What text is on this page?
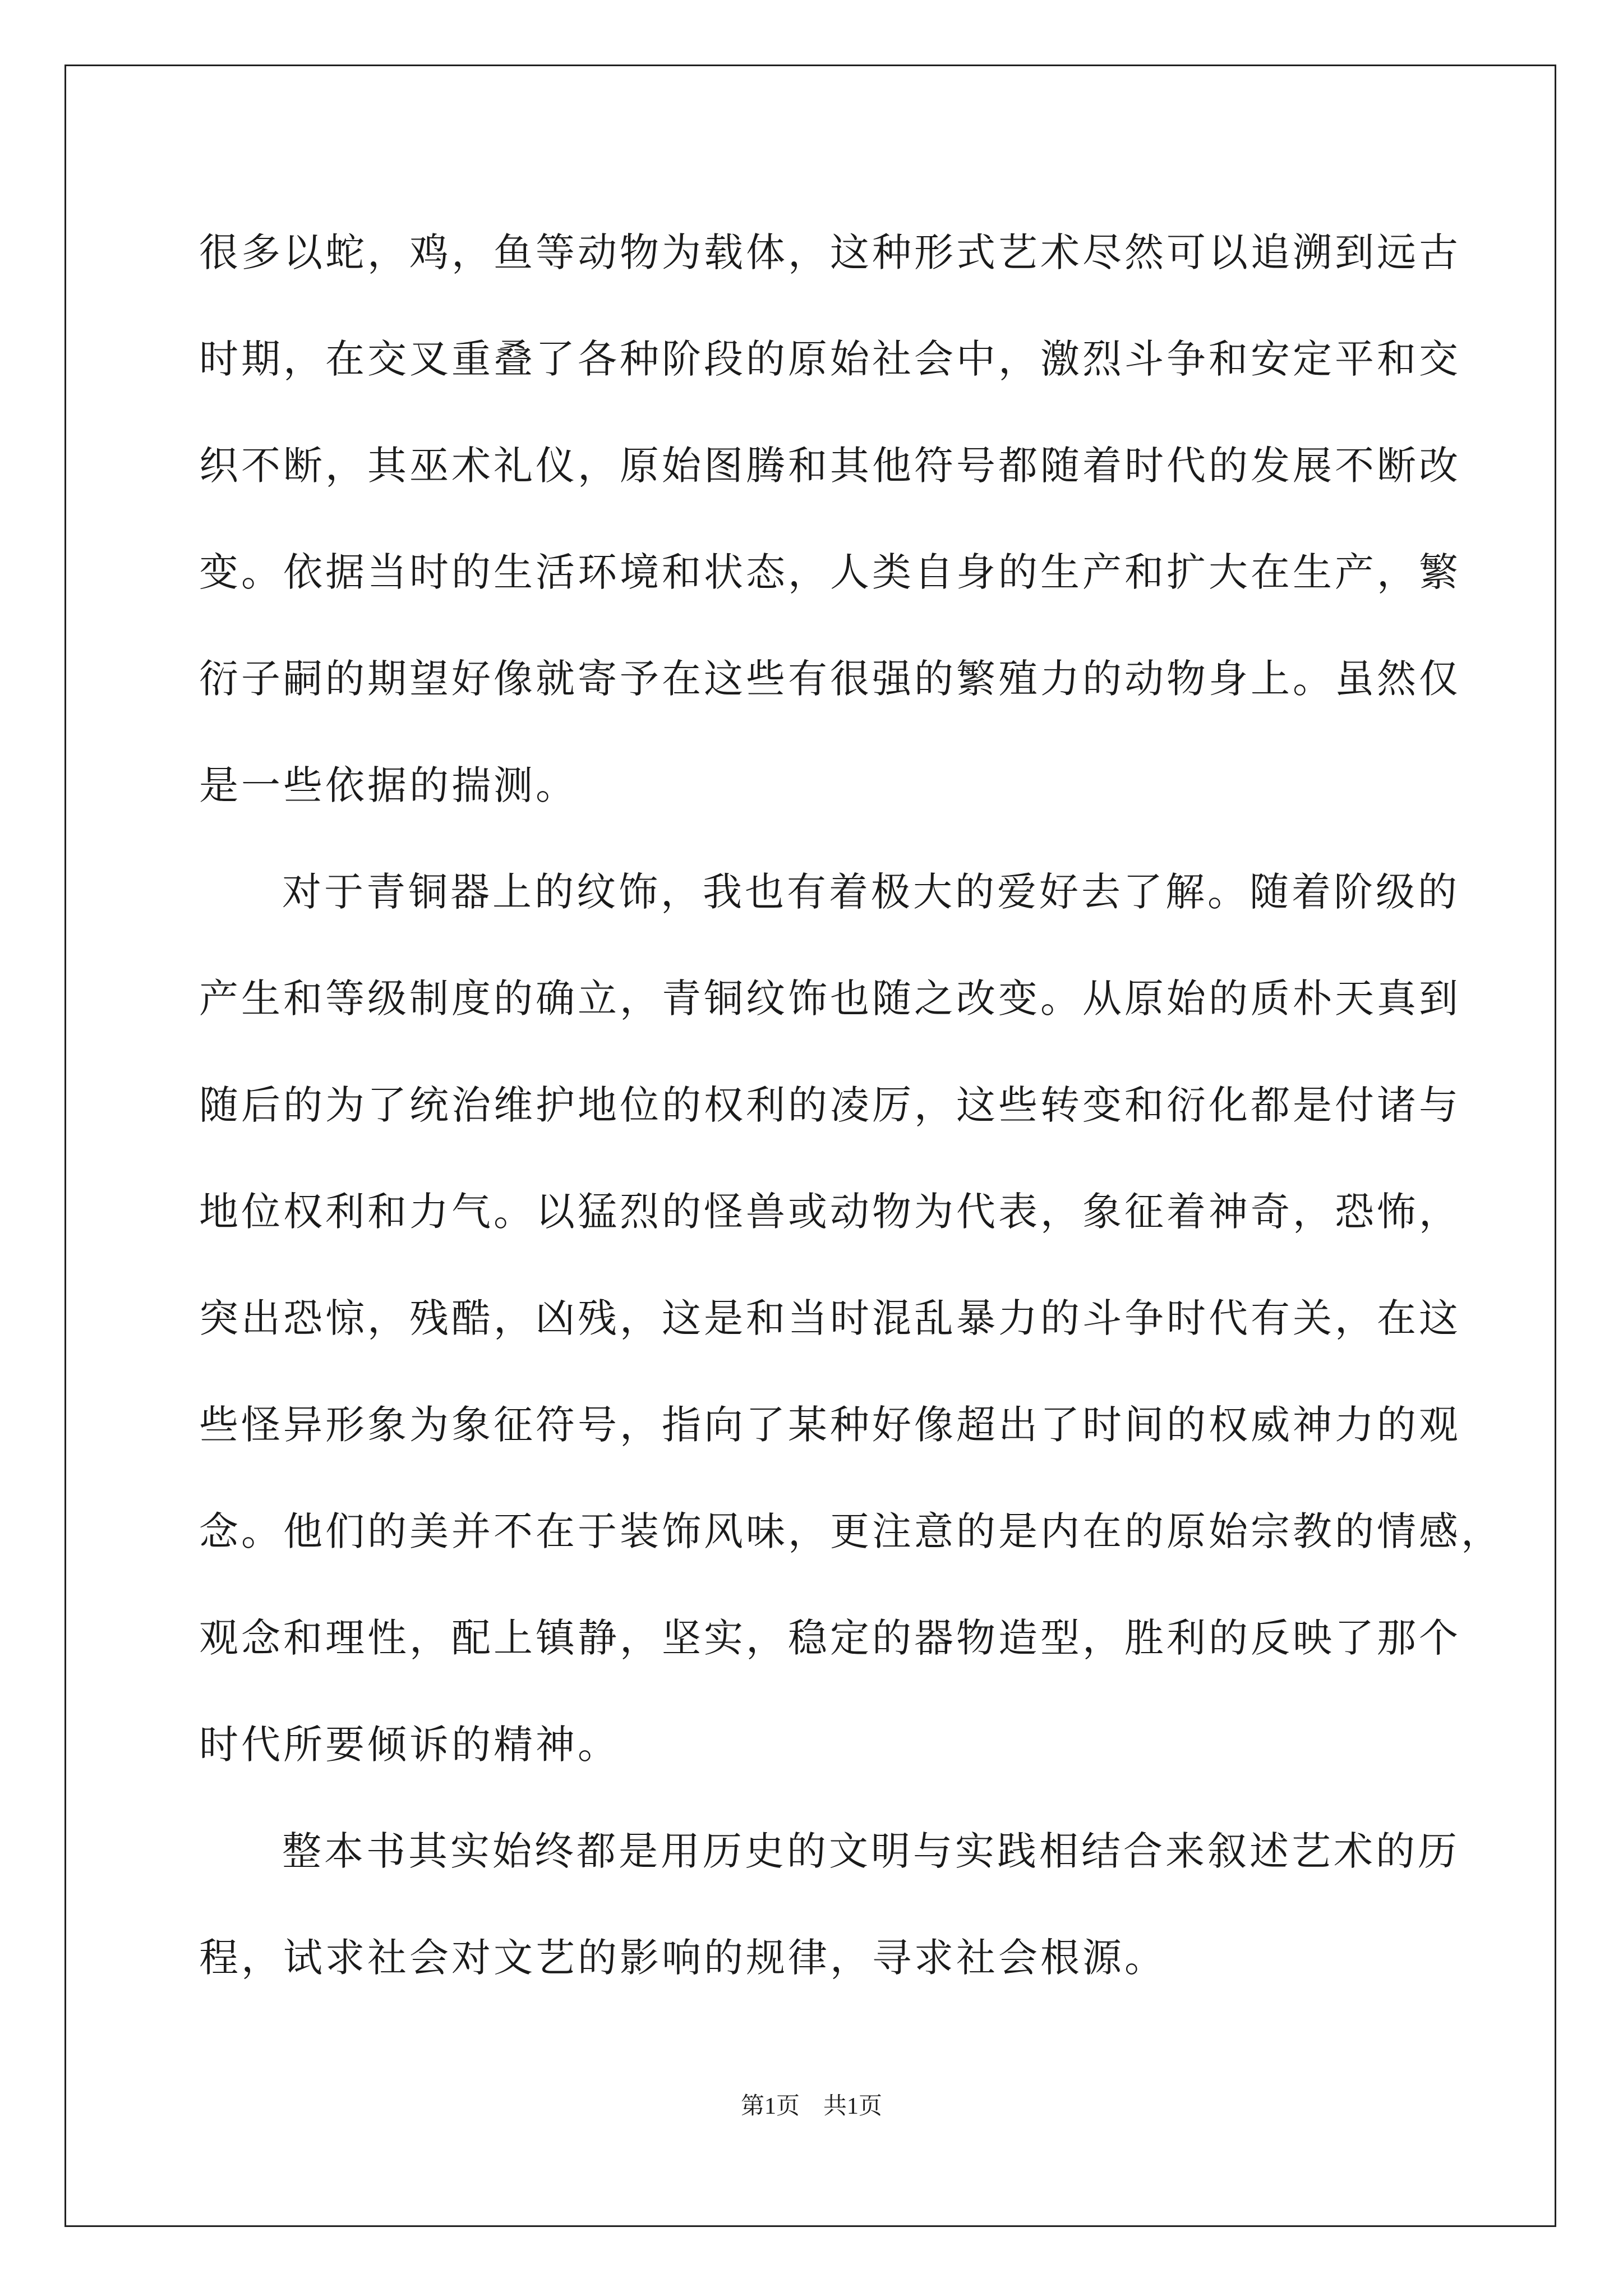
很多以蛇，鸡，鱼等动物为载体，这种形式艺术尽然可以追溯到远古
时期，在交叉重叠了各种阶段的原始社会中，激烈斗争和安定平和交
织不断，其巫术礼仪，原始图腾和其他符号都随着时代的发展不断改
变。依据当时的生活环境和状态，人类自身的生产和扩大在生产，繁
衍子嗣的期望好像就寄予在这些有很强的繁殖力的动物身上。虽然仅
是一些依据的揣测。
对于青铜器上的纹饰，我也有着极大的爱好去了解。随着阶级的
产生和等级制度的确立，青铜纹饰也随之改变。从原始的质朴天真到
随后的为了统治维护地位的权利的凌厉，这些转变和衍化都是付诸与
地位权利和力气。以猛烈的怪兽或动物为代表，象征着神奇，恐怖，
突出恐惊，残酷，凶残，这是和当时混乱暴力的斗争时代有关，在这
些怪异形象为象征符号，指向了某种好像超出了时间的权威神力的观
念。他们的美并不在于装饰风味，更注意的是内在的原始宗教的情感，
观念和理性，配上镇静，坚实，稳定的器物造型，胜利的反映了那个
时代所要倾诉的精神。
整本书其实始终都是用历史的文明与实践相结合来叙述艺术的历
程，试求社会对文艺的影响的规律，寻求社会根源。
第1页　共1页
